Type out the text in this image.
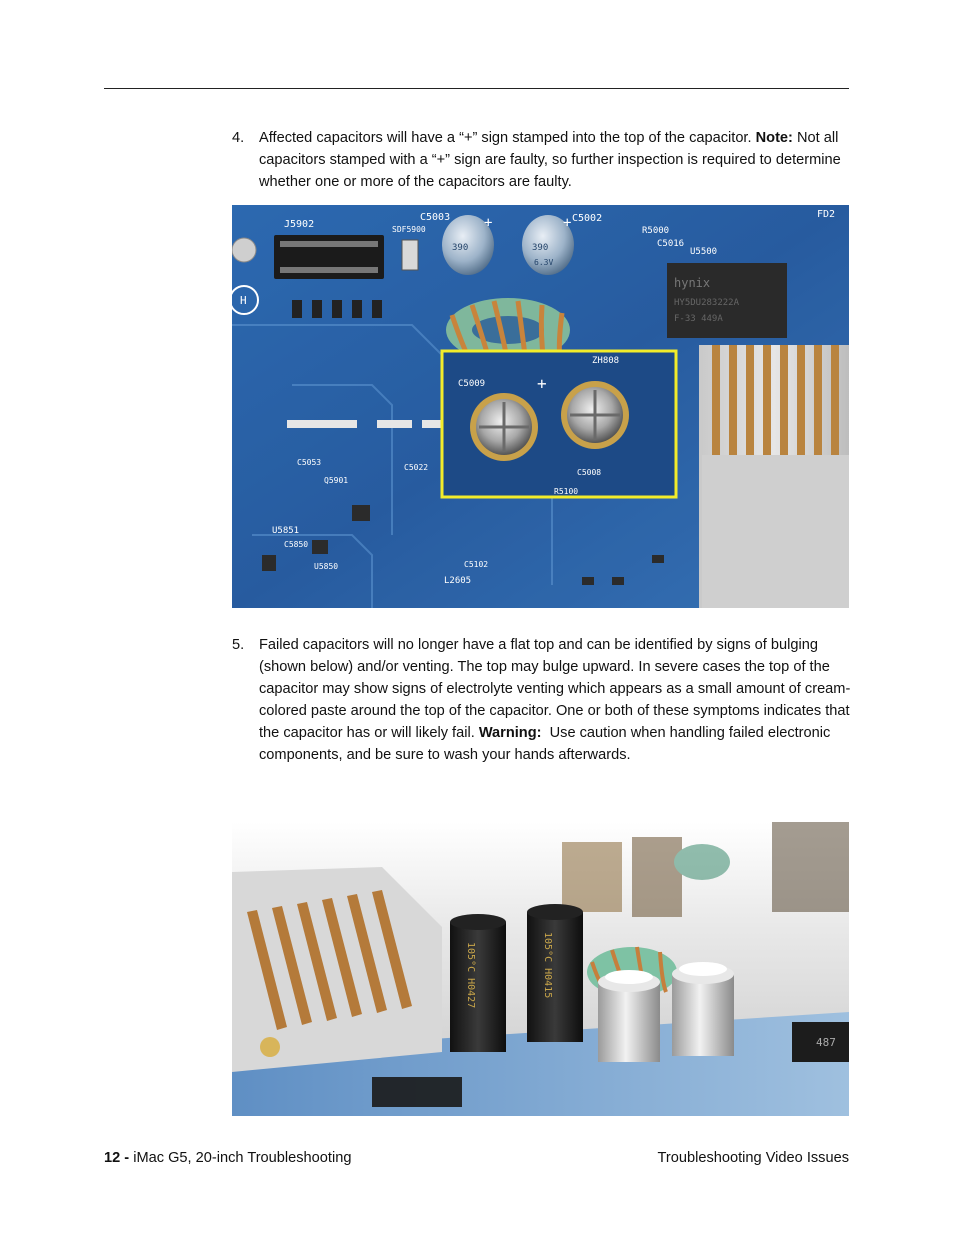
4. Affected capacitors will have a “+” sign stamped into the top of the capacitor. Note: Not all capacitors stamped with a “+” sign are faulty, so further inspection is required to determine whether one or more of the capacitors are faulty.
J5902	SDF5900
H
390	390
6.3V
C5003	C5002
+	+	R5000
C5016
U5500
FD2
hynix
HY5DU283222A
F-33 449A
C5053
C5022
Q5901
U5851
C5850
U5850
L2605
C5102
C5009
ZH808
C5008
R5100
+
5. Failed capacitors will no longer have a flat top and can be identified by signs of bulging (shown below) and/or venting. The top may bulge upward. In severe cases the top of the capacitor may show signs of electrolyte venting which appears as a small amount of cream-colored paste around the top of the capacitor. One or both of these symptoms indicates that the capacitor has or will likely fail. Warning: Use caution when handling failed electronic components, and be sure to wash your hands afterwards.
105°C H0427	105°C H0415
487
12 - iMac G5, 20-inch Troubleshooting	Troubleshooting Video Issues
